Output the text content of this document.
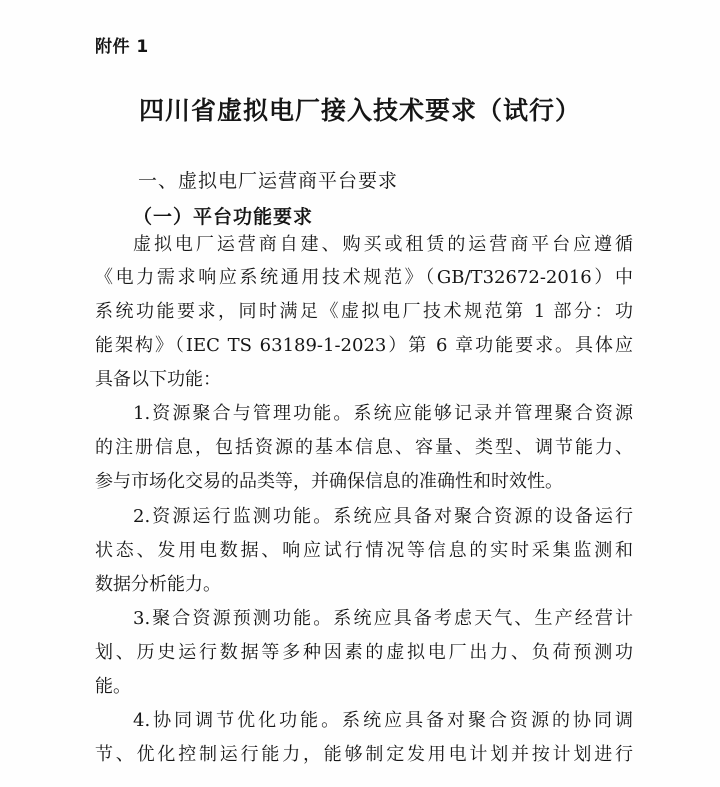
附件 1
四川省虚拟电厂接入技术要求（试行）
一、虚拟电厂运营商平台要求
（一）平台功能要求
虚拟电厂运营商自建、购买或租赁的运营商平台应遵循
《电力需求响应系统通用技术规范》（GB/T32672-2016）中
系统功能要求，同时满足《虚拟电厂技术规范第 1 部分：功
能架构》（IEC TS 63189-1-2023）第 6 章功能要求。具体应
具备以下功能：
1.资源聚合与管理功能。系统应能够记录并管理聚合资源
的注册信息，包括资源的基本信息、容量、类型、调节能力、
参与市场化交易的品类等，并确保信息的准确性和时效性。
2.资源运行监测功能。系统应具备对聚合资源的设备运行
状态、发用电数据、响应试行情况等信息的实时采集监测和
数据分析能力。
3.聚合资源预测功能。系统应具备考虑天气、生产经营计
划、历史运行数据等多种因素的虚拟电厂出力、负荷预测功
能。
4.协同调节优化功能。系统应具备对聚合资源的协同调
节、优化控制运行能力，能够制定发用电计划并按计划进行
